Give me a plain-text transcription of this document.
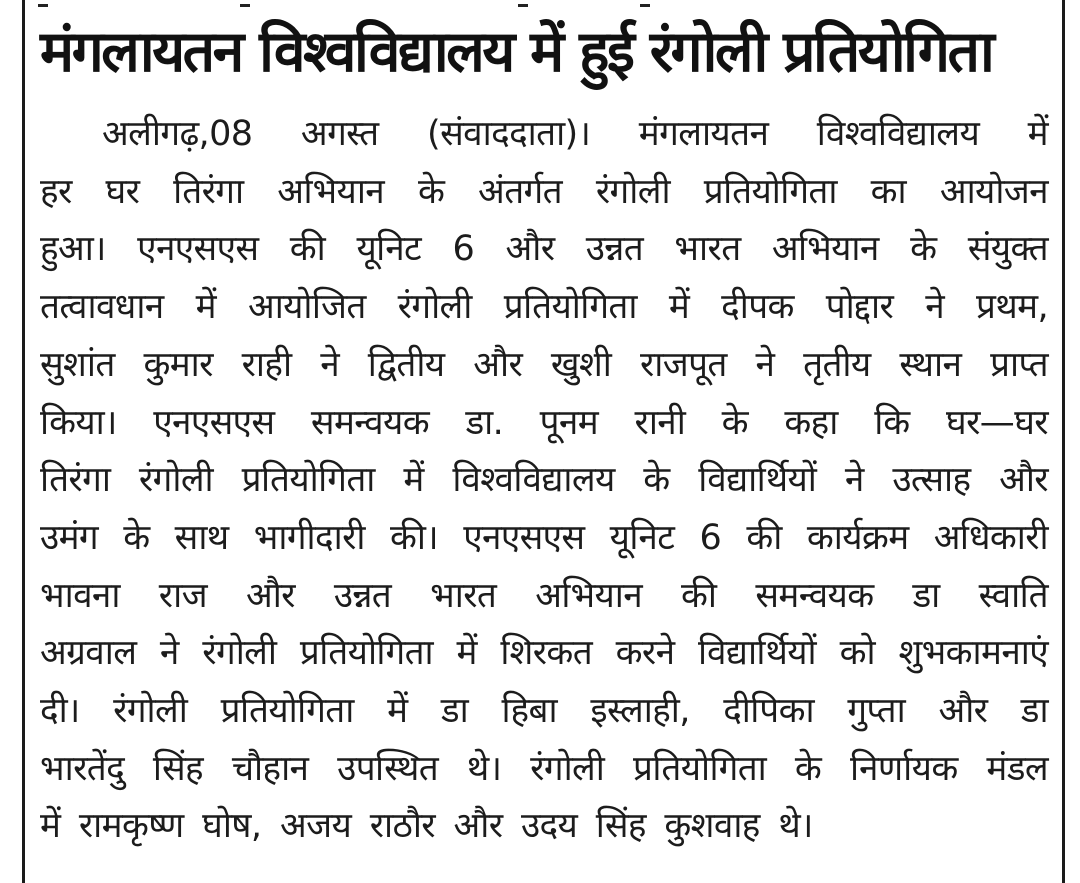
मंगलायतन विश्वविद्यालय में हुई रंगोली प्रतियोगिता
अलीगढ़,08 अगस्त (संवाददाता)। मंगलायतन विश्वविद्यालय में
हर घर तिरंगा अभियान के अंतर्गत रंगोली प्रतियोगिता का आयोजन
हुआ। एनएसएस की यूनिट 6 और उन्नत भारत अभियान के संयुक्त
तत्वावधान में आयोजित रंगोली प्रतियोगिता में दीपक पोद्दार ने प्रथम,
सुशांत कुमार राही ने द्वितीय और खुशी राजपूत ने तृतीय स्थान प्राप्त
किया। एनएसएस समन्वयक डा. पूनम रानी के कहा कि घर—घर
तिरंगा रंगोली प्रतियोगिता में विश्वविद्यालय के विद्यार्थियों ने उत्साह और
उमंग के साथ भागीदारी की। एनएसएस यूनिट 6 की कार्यक्रम अधिकारी
भावना राज और उन्नत भारत अभियान की समन्वयक डा स्वाति
अग्रवाल ने रंगोली प्रतियोगिता में शिरकत करने विद्यार्थियों को शुभकामनाएं
दी। रंगोली प्रतियोगिता में डा हिबा इस्लाही, दीपिका गुप्ता और डा
भारतेंदु सिंह चौहान उपस्थित थे। रंगोली प्रतियोगिता के निर्णायक मंडल
में रामकृष्ण घोष, अजय राठौर और उदय सिंह कुशवाह थे।
